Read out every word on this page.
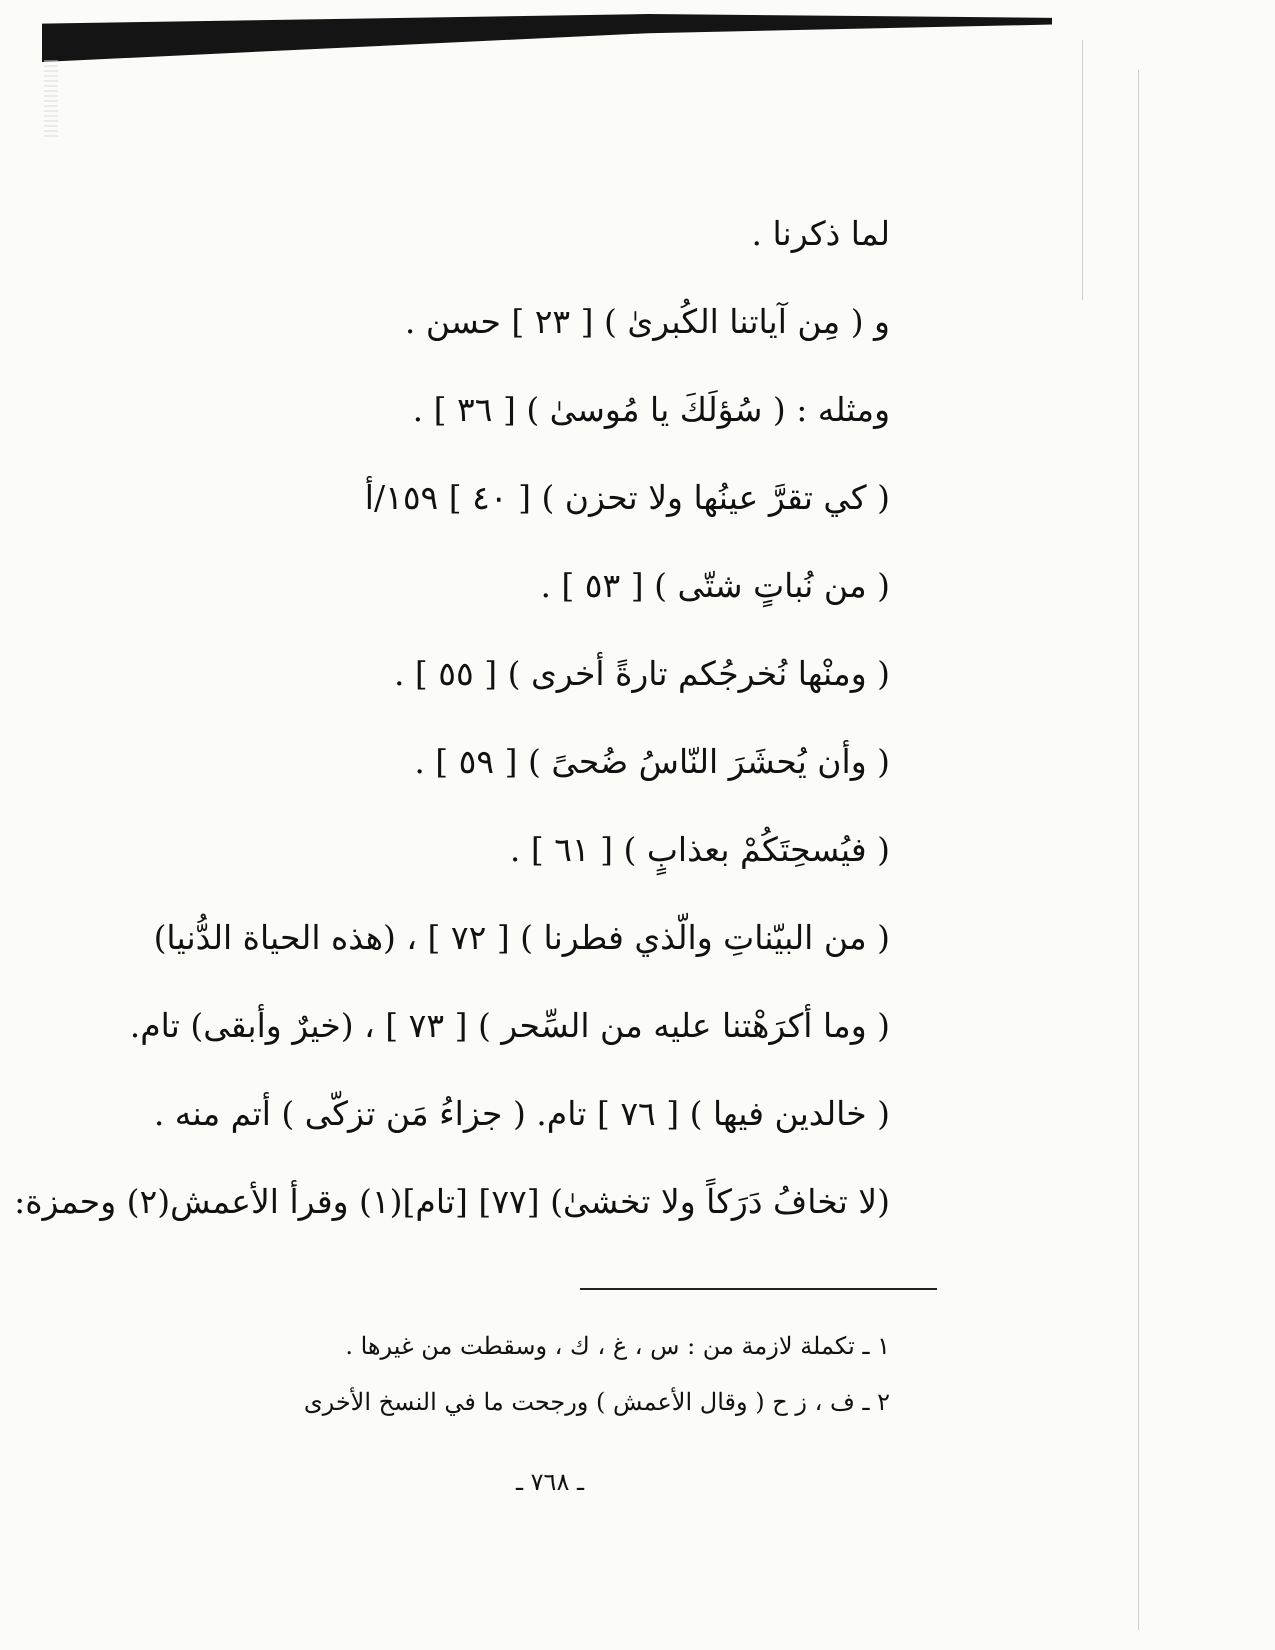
لما ذكرنا .
و ( مِن آياتنا الكُبرىٰ ) [ ٢٣ ] حسن .
ومثله : ( سُؤلَكَ يا مُوسىٰ ) [ ٣٦ ] .
( كي تقرَّ عينُها ولا تحزن ) [ ٤٠ ] ١٥٩/أ
( من نُباتٍ شتّى ) [ ٥٣ ] .
( ومنْها نُخرجُكم تارةً أخرى ) [ ٥٥ ] .
( وأن يُحشَرَ النّاسُ ضُحىً ) [ ٥٩ ] .
( فيُسحِتَكُمْ بعذابٍ ) [ ٦١ ] .
( من البيّناتِ والّذي فطرنا ) [ ٧٢ ] ، (هذه الحياة الدُّنيا)
( وما أكرَهْتنا عليه من السِّحر ) [ ٧٣ ] ، (خيرٌ وأبقى) تام.
( خالدين فيها ) [ ٧٦ ] تام. ( جزاءُ مَن تزكّى ) أتم منه .
(لا تخافُ دَرَكاً ولا تخشىٰ) [٧٧] [تام](١) وقرأ الأعمش(٢) وحمزة:
١ ـ تكملة لازمة من : س ، غ ، ك ، وسقطت من غيرها .
٢ ـ ف ، ز ح ( وقال الأعمش ) ورجحت ما في النسخ الأخرى
ـ ٧٦٨ ـ
